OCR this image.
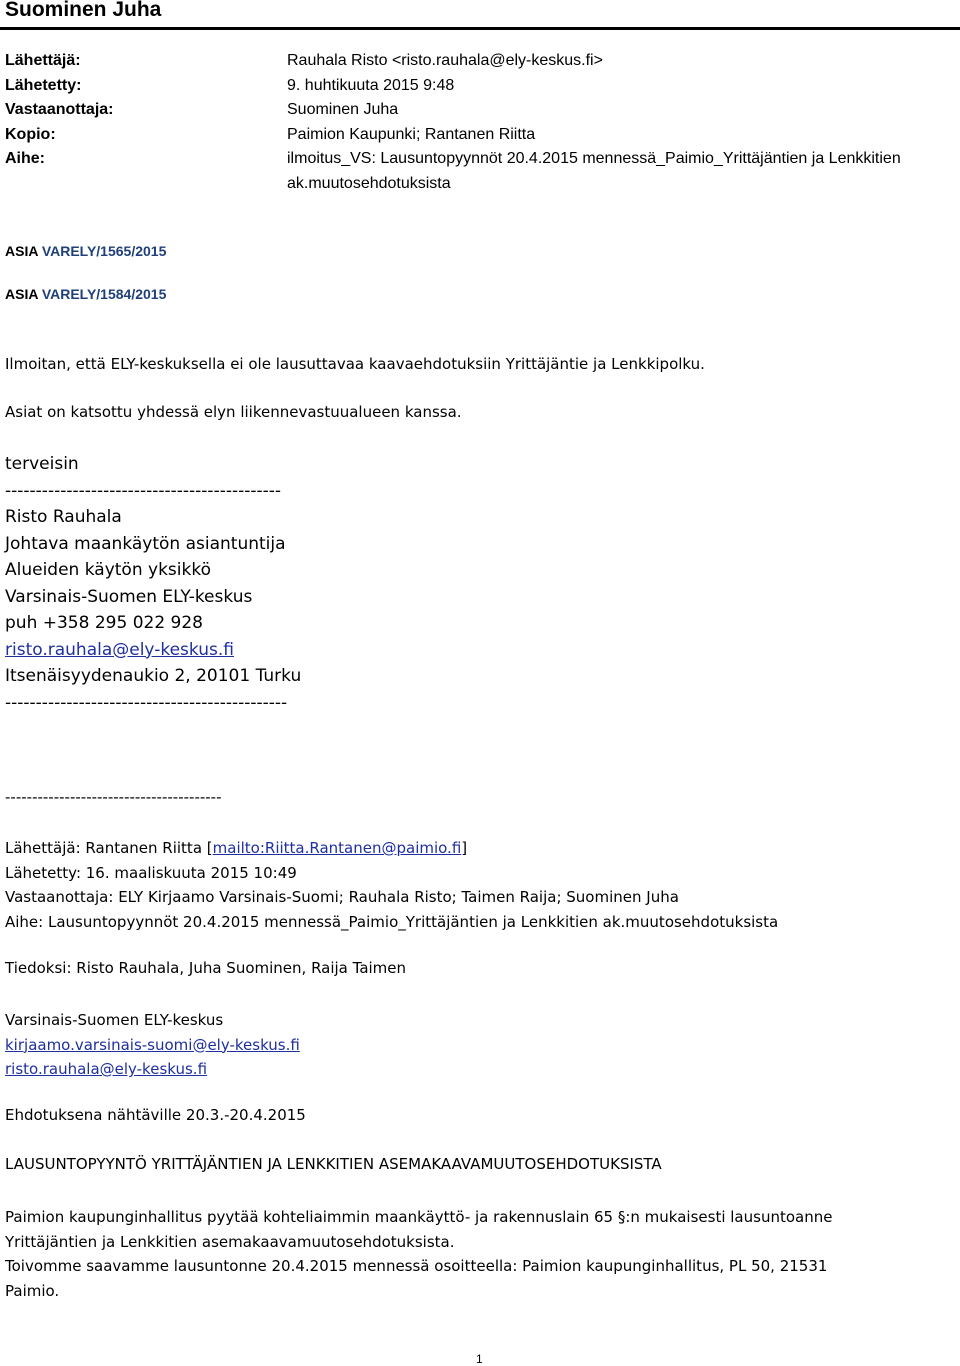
Suominen Juha
Lähettäjä:	Rauhala Risto <risto.rauhala@ely-keskus.fi>
Lähetetty:	9. huhtikuuta 2015 9:48
Vastaanottaja:	Suominen Juha
Kopio:	Paimion Kaupunki; Rantanen Riitta
Aihe:	ilmoitus_VS: Lausuntopyynnöt 20.4.2015 mennessä_Paimio_Yrittäjäntien ja Lenkkitien ak.muutosehdotuksista
ASIA VARELY/1565/2015
ASIA VARELY/1584/2015
Ilmoitan, että ELY-keskuksella ei ole lausuttavaa kaavaehdotuksiin Yrittäjäntie ja Lenkkipolku.
Asiat on katsottu yhdessä elyn liikennevastuualueen kanssa.
terveisin
---------------------------------------------
Risto Rauhala
Johtava maankäytön asiantuntija
Alueiden käytön yksikkö
Varsinais-Suomen ELY-keskus
puh +358 295 022 928
risto.rauhala@ely-keskus.fi
Itsenäisyydenaukio 2, 20101 Turku
----------------------------------------------
----------------------------------------
Lähettäjä: Rantanen Riitta [mailto:Riitta.Rantanen@paimio.fi]
Lähetetty: 16. maaliskuuta 2015 10:49
Vastaanottaja: ELY Kirjaamo Varsinais-Suomi; Rauhala Risto; Taimen Raija; Suominen Juha
Aihe: Lausuntopyynnöt 20.4.2015 mennessä_Paimio_Yrittäjäntien ja Lenkkitien ak.muutosehdotuksista
Tiedoksi: Risto Rauhala, Juha Suominen, Raija Taimen
Varsinais-Suomen ELY-keskus
kirjaamo.varsinais-suomi@ely-keskus.fi
risto.rauhala@ely-keskus.fi
Ehdotuksena nähtäville 20.3.-20.4.2015
LAUSUNTOPYYNTÖ YRITTÄJÄNTIEN JA LENKKITIEN ASEMAKAAVAMUUTOSEHDOTUKSISTA
Paimion kaupunginhallitus pyytää kohteliaimmin maankäyttö- ja rakennuslain 65 §:n mukaisesti lausuntoanne
Yrittäjäntien ja Lenkkitien asemakaavamuutosehdotuksista.
Toivomme saavamme lausuntonne 20.4.2015 mennessä osoitteella: Paimion kaupunginhallitus, PL 50, 21531
Paimio.
1
